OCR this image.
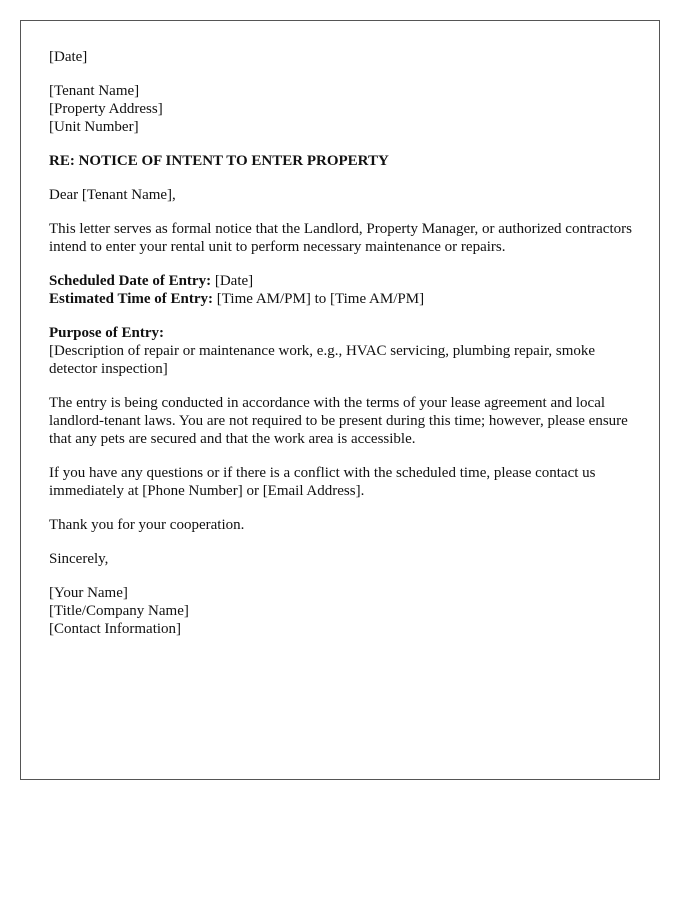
[Date]

[Tenant Name]
[Property Address]
[Unit Number]

RE: NOTICE OF INTENT TO ENTER PROPERTY

Dear [Tenant Name],

This letter serves as formal notice that the Landlord, Property Manager, or authorized contractors intend to enter your rental unit to perform necessary maintenance or repairs.

Scheduled Date of Entry: [Date]
Estimated Time of Entry: [Time AM/PM] to [Time AM/PM]

Purpose of Entry:
[Description of repair or maintenance work, e.g., HVAC servicing, plumbing repair, smoke detector inspection]

The entry is being conducted in accordance with the terms of your lease agreement and local landlord-tenant laws. You are not required to be present during this time; however, please ensure that any pets are secured and that the work area is accessible.

If you have any questions or if there is a conflict with the scheduled time, please contact us immediately at [Phone Number] or [Email Address].

Thank you for your cooperation.

Sincerely,

[Your Name]
[Title/Company Name]
[Contact Information]
